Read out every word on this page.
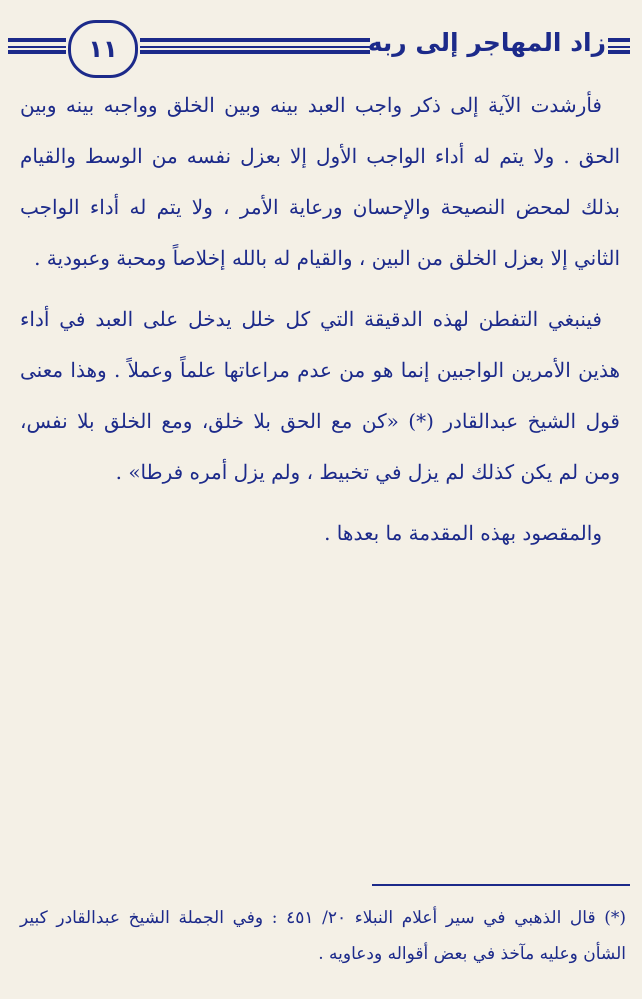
١١	زاد المهاجر إلى ربه

فأرشدت الآية إلى ذكر واجب العبد بينه وبين الخلق وواجبه بينه وبين الحق . ولا يتم له أداء الواجب الأول إلا بعزل نفسه من الوسط والقيام بذلك لمحض النصيحة والإحسان ورعاية الأمر ، ولا يتم له أداء الواجب الثاني إلا بعزل الخلق من البين ، والقيام له بالله إخلاصاً ومحبة وعبودية .

فينبغي التفطن لهذه الدقيقة التي كل خلل يدخل على العبد في أداء هذين الأمرين الواجبين إنما هو من عدم مراعاتها علماً وعملاً . وهذا معنى قول الشيخ عبدالقادر (*) «كن مع الحق بلا خلق، ومع الخلق بلا نفس، ومن لم يكن كذلك لم يزل في تخبيط ، ولم يزل أمره فرطا» .

والمقصود بهذه المقدمة ما بعدها .

(*) قال الذهبي في سير أعلام النبلاء ٢٠/ ٤٥١ : وفي الجملة الشيخ عبدالقادر كبير الشأن وعليه مآخذ في بعض أقواله ودعاويه .
